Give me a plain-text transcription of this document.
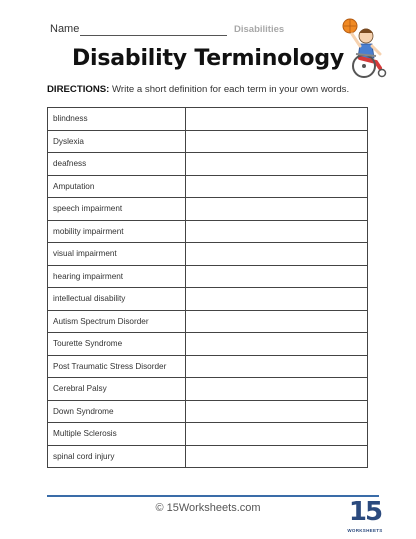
Name	Disabilities
Disability Terminology
DIRECTIONS: Write a short definition for each term in your own words.
blindness	
Dyslexia	
deafness	
Amputation	
speech impairment	
mobility impairment	
visual impairment	
hearing impairment	
intellectual disability	
Autism Spectrum Disorder	
Tourette Syndrome	
Post Traumatic Stress Disorder	
Cerebral Palsy	
Down Syndrome	
Multiple Sclerosis	
spinal cord injury	
© 15Worksheets.com	15
WORKSHEETS
